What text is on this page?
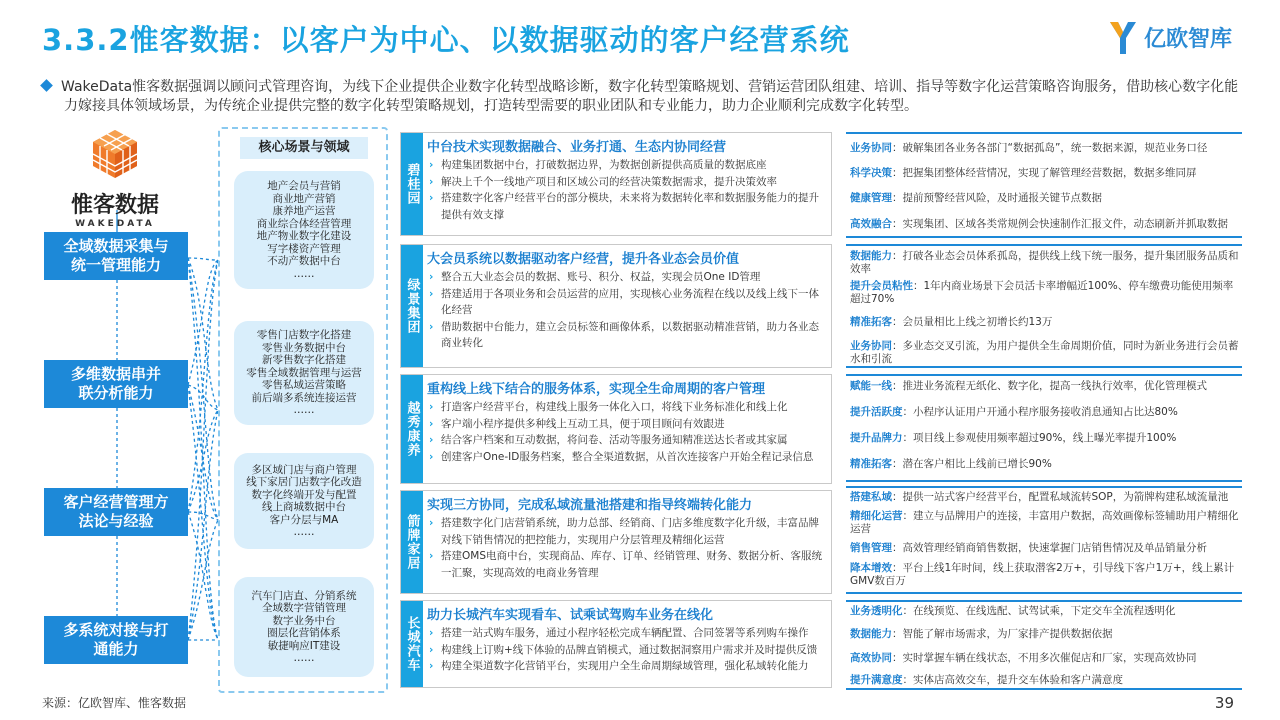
3.3.2惟客数据：以客户为中心、以数据驱动的客户经营系统	亿欧智库
WakeData惟客数据强调以顾问式管理咨询，为线下企业提供企业数字化转型战略诊断，数字化转型策略规划、营销运营团队组建、培训、指导等数字化运营策略咨询服务，借助核心数字化能力嫁接具体领域场景，为传统企业提供完整的数字化转型策略规划，打造转型需要的职业团队和专业能力，助力企业顺利完成数字化转型。
惟客数据
WAKEDATA
全域数据采集与统一管理能力
多维数据串并联分析能力
客户经营管理方法论与经验
多系统对接与打通能力
核心场景与领域
地产会员与营销
商业地产营销
康养地产运营
商业综合体经营管理
地产物业数字化建设
写字楼资产管理
不动产数据中台
……
零售门店数字化搭建
零售业务数据中台
新零售数字化搭建
零售全域数据管理与运营
零售私域运营策略
前后端多系统连接运营
……
多区域门店与商户管理
线下家居门店数字化改造
数字化终端开发与配置
线上商城数据中台
客户分层与MA
……
汽车门店直、分销系统
全域数字营销管理
数字业务中台
圈层化营销体系
敏捷响应IT建设
……
碧桂园
中台技术实现数据融合、业务打通、生态内协同经营
› 构建集团数据中台，打破数据边界，为数据创新提供高质量的数据底座
› 解决上千个一线地产项目和区域公司的经营决策数据需求，提升决策效率
› 搭建数字化客户经营平台的部分模块，未来将为数据转化率和数据服务能力的提升提供有效支撑
绿景集团
大会员系统以数据驱动客户经营，提升各业态会员价值
› 整合五大业态会员的数据、账号、积分、权益，实现会员One ID管理
› 搭建适用于各项业务和会员运营的应用，实现核心业务流程在线以及线上线下一体化经营
› 借助数据中台能力，建立会员标签和画像体系，以数据驱动精准营销，助力各业态商业转化
越秀康养
重构线上线下结合的服务体系，实现全生命周期的客户管理
› 打造客户经营平台，构建线上服务一体化入口，将线下业务标准化和线上化
› 客户端小程序提供多种线上互动工具，便于项目顾问有效跟进
› 结合客户档案和互动数据，将问卷、活动等服务通知精准送达长者或其家属
› 创建客户One-ID服务档案，整合全渠道数据，从首次连接客户开始全程记录信息
箭牌家居
实现三方协同，完成私域流量池搭建和指导终端转化能力
› 搭建数字化门店营销系统，助力总部、经销商、门店多维度数字化升级，丰富品牌对线下销售情况的把控能力，实现用户分层管理及精细化运营
› 搭建OMS电商中台，实现商品、库存、订单、经销管理、财务、数据分析、客服统一汇聚，实现高效的电商业务管理
长城汽车
助力长城汽车实现看车、试乘试驾购车业务在线化
› 搭建一站式购车服务，通过小程序轻松完成车辆配置、合同签署等系列购车操作
› 构建线上订购+线下体验的品牌直销模式，通过数据洞察用户需求并及时提供反馈
› 构建全渠道数字化营销平台，实现用户全生命周期绿域管理，强化私域转化能力
业务协同：破解集团各业务各部门“数据孤岛”，统一数据来源，规范业务口径
科学决策：把握集团整体经营情况，实现了解管理经营数据，数据多维同屏
健康管理：提前预警经营风险，及时通报关键节点数据
高效融合：实现集团、区域各类常规例会快速制作汇报文件，动态刷新并抓取数据
数据能力：打破各业态会员体系孤岛，提供线上线下统一服务，提升集团服务品质和效率
提升会员粘性：1年内商业场景下会员活卡率增幅近100%、停车缴费功能使用频率超过70%
精准拓客：会员量相比上线之初增长约13万
业务协同：多业态交叉引流，为用户提供全生命周期价值，同时为新业务进行会员蓄水和引流
赋能一线：推进业务流程无纸化、数字化，提高一线执行效率，优化管理模式
提升活跃度：小程序认证用户开通小程序服务接收消息通知占比达80%
提升品牌力：项目线上参观使用频率超过90%，线上曝光率提升100%
精准拓客：潜在客户相比上线前已增长90%
搭建私域：提供一站式客户经营平台，配置私域流转SOP，为箭牌构建私域流量池
精细化运营：建立与品牌用户的连接，丰富用户数据，高效画像标签辅助用户精细化运营
销售管理：高效管理经销商销售数据，快速掌握门店销售情况及单品销量分析
降本增效：平台上线1年时间，线上获取潜客2万+，引导线下客户1万+，线上累计GMV数百万
业务透明化：在线预览、在线选配、试驾试乘，下定交车全流程透明化
数据能力：智能了解市场需求，为厂家排产提供数据依据
高效协同：实时掌握车辆在线状态，不用多次催促店和厂家，实现高效协同
提升满意度：实体店高效交车，提升交车体验和客户满意度
来源：亿欧智库、惟客数据	39
